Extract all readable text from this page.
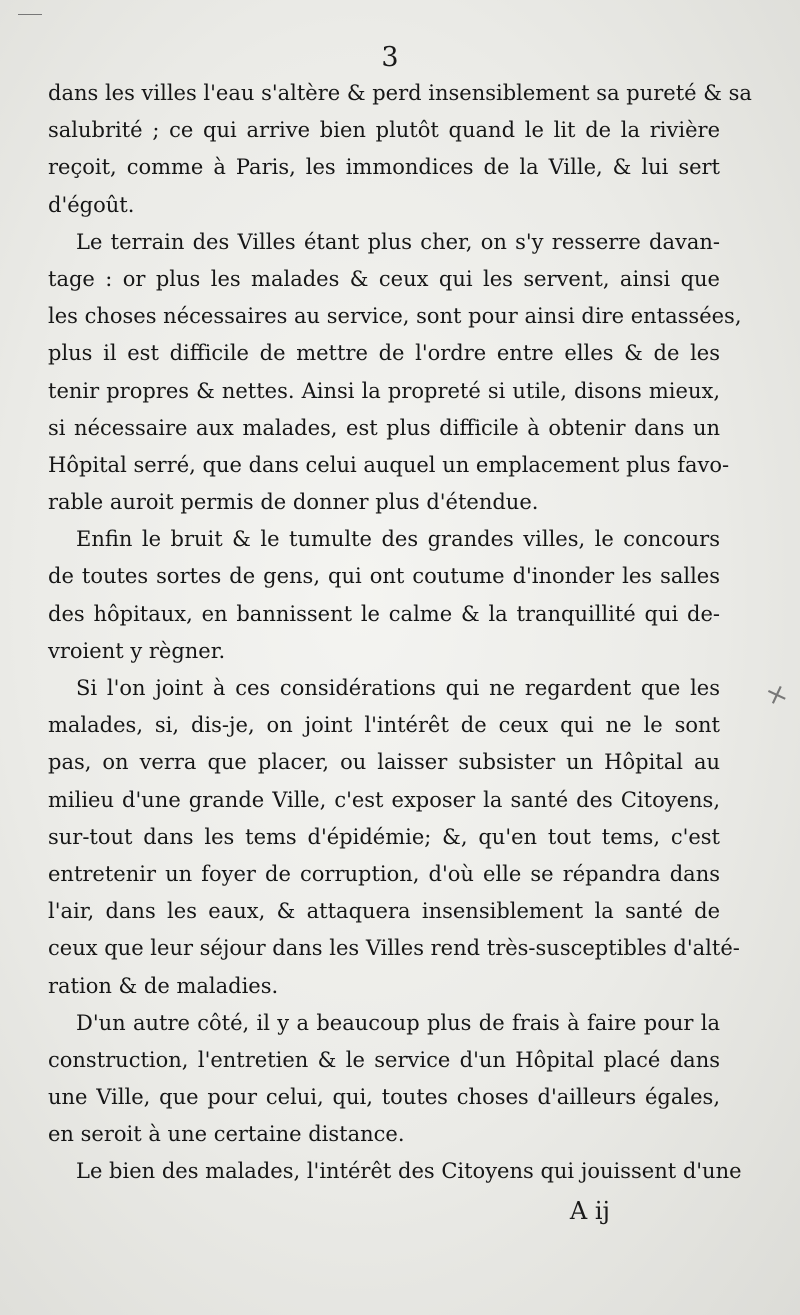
3
dans les villes l'eau s'altère & perd insensiblement sa pureté & sa
salubrité ; ce qui arrive bien plutôt quand le lit de la rivière
reçoit, comme à Paris, les immondices de la Ville, & lui sert
d'égoût.
Le terrain des Villes étant plus cher, on s'y resserre davan-
tage : or plus les malades & ceux qui les servent, ainsi que
les choses nécessaires au service, sont pour ainsi dire entassées,
plus il est difficile de mettre de l'ordre entre elles & de les
tenir propres & nettes. Ainsi la propreté si utile, disons mieux,
si nécessaire aux malades, est plus difficile à obtenir dans un
Hôpital serré, que dans celui auquel un emplacement plus favo-
rable auroit permis de donner plus d'étendue.
Enfin le bruit & le tumulte des grandes villes, le concours
de toutes sortes de gens, qui ont coutume d'inonder les salles
des hôpitaux, en bannissent le calme & la tranquillité qui de-
vroient y règner.
Si l'on joint à ces considérations qui ne regardent que les
malades, si, dis-je, on joint l'intérêt de ceux qui ne le sont
pas, on verra que placer, ou laisser subsister un Hôpital au
milieu d'une grande Ville, c'est exposer la santé des Citoyens,
sur-tout dans les tems d'épidémie; &, qu'en tout tems, c'est
entretenir un foyer de corruption, d'où elle se répandra dans
l'air, dans les eaux, & attaquera insensiblement la santé de
ceux que leur séjour dans les Villes rend très-susceptibles d'alté-
ration & de maladies.
D'un autre côté, il y a beaucoup plus de frais à faire pour la
construction, l'entretien & le service d'un Hôpital placé dans
une Ville, que pour celui, qui, toutes choses d'ailleurs égales,
en seroit à une certaine distance.
Le bien des malades, l'intérêt des Citoyens qui jouissent d'une
A ij
×
